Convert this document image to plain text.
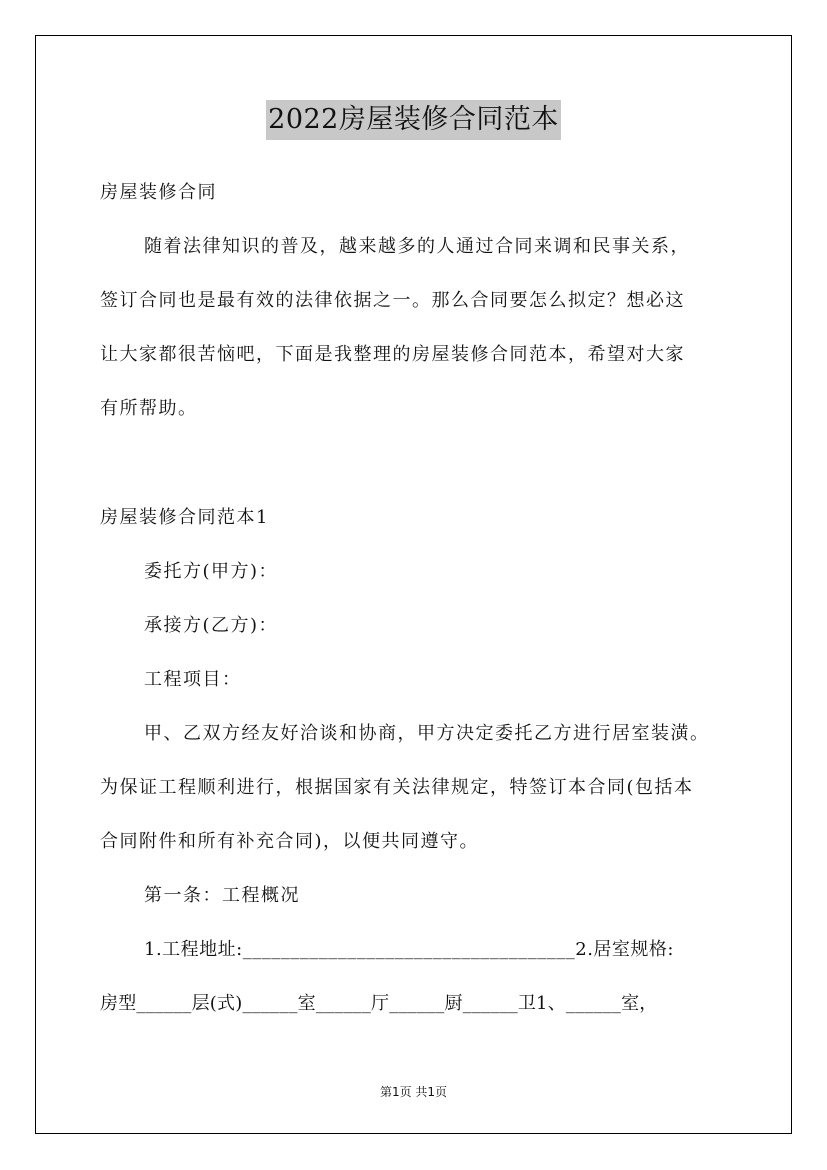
2022房屋装修合同范本
房屋装修合同
随着法律知识的普及，越来越多的人通过合同来调和民事关系，
签订合同也是最有效的法律依据之一。那么合同要怎么拟定？想必这
让大家都很苦恼吧，下面是我整理的房屋装修合同范本，希望对大家
有所帮助。
房屋装修合同范本1
委托方(甲方)：
承接方(乙方)：
工程项目：
甲、乙双方经友好洽谈和协商，甲方决定委托乙方进行居室装潢。
为保证工程顺利进行，根据国家有关法律规定，特签订本合同(包括本
合同附件和所有补充合同)，以便共同遵守。
第一条：工程概况
1.工程地址:___________________________________2.居室规格:
房型______层(式)______室______厅______厨______卫1、______室，
第1页 共1页
